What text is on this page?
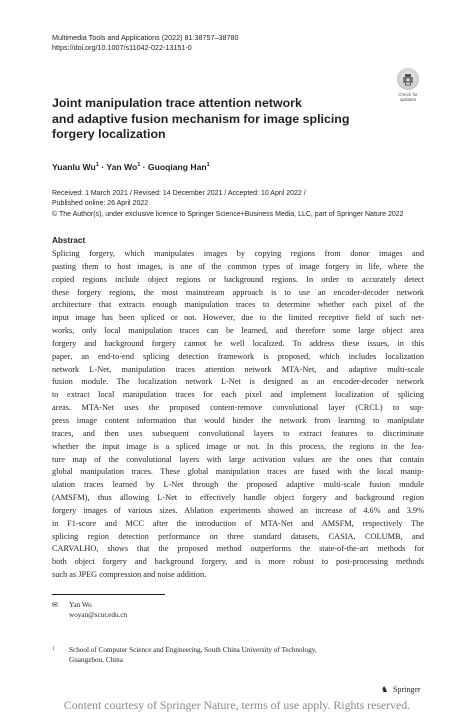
Multimedia Tools and Applications (2022) 81:38757–38780
https://doi.org/10.1007/s11042-022-13151-0
Check for
updates
Joint manipulation trace attention network
and adaptive fusion mechanism for image splicing
forgery localization
Yuanlu $Wu^1$ · Yan $Wo^1$ · Guoqiang Han$^1$
Received: 1 March 2021 / Revised: 14 December 2021 / Accepted: 10 April 2022 /
Published online: 26 April 2022
© The Author(s), under exclusive licence to Springer Science+Business Media, LLC, part of Springer Nature 2022
Abstract
Splicing forgery, which manipulates images by copying regions from donor images and
pasting them to host images, is one of the common types of image forgery in life, where the
copied regions include object regions or background regions. In order to accurately detect
these forgery regions, the most mainstream approach is to use an encoder-decoder network
architecture that extracts enough manipulation traces to determine whether each pixel of the
input image has been spliced or not. However, due to the limited receptive field of such net-
works, only local manipulation traces can be learned, and therefore some large object area
forgery and background forgery cannot be well localized. To address these issues, in this
paper, an end-to-end splicing detection framework is proposed, which includes localization
network L-Net, manipulation traces attention network MTA-Net, and adaptive multi-scale
fusion module. The localization network L-Net is designed as an encoder-decoder network
to extract local manipulation traces for each pixel and implement localization of splicing
areas. MTA-Net uses the proposed content-remove convolutional layer (CRCL) to sup-
press image content information that would hinder the network from learning to manipulate
traces, and then uses subsequent convolutional layers to extract features to discriminate
whether the input image is a spliced image or not. In this process, the regions in the fea-
ture map of the convolutional layers with large activation values are the ones that contain
global manipulation traces. These global manipulation traces are fused with the local manip-
ulation traces learned by L-Net through the proposed adaptive multi-scale fusion module
(AMSFM), thus allowing L-Net to effectively handle object forgery and background region
forgery images of various sizes. Ablation experiments showed an increase of 4.6% and 3.9%
in F1-score and MCC after the introduction of MTA-Net and AMSFM, respectively The
splicing region detection performance on three standard datasets, CASIA, COLUMB, and
CARVALHO, shows that the proposed method outperforms the state-of-the-art methods for
both object forgery and background forgery, and is more robust to post-processing methods
such as JPEG compression and noise addition.
✉ Yan Wo
woyan@scut.edu.cn
1 School of Computer Science and Engineering, South China University of Technology,
Guangzhou, China
♞ Springer
Content courtesy of Springer Nature, terms of use apply. Rights reserved.
